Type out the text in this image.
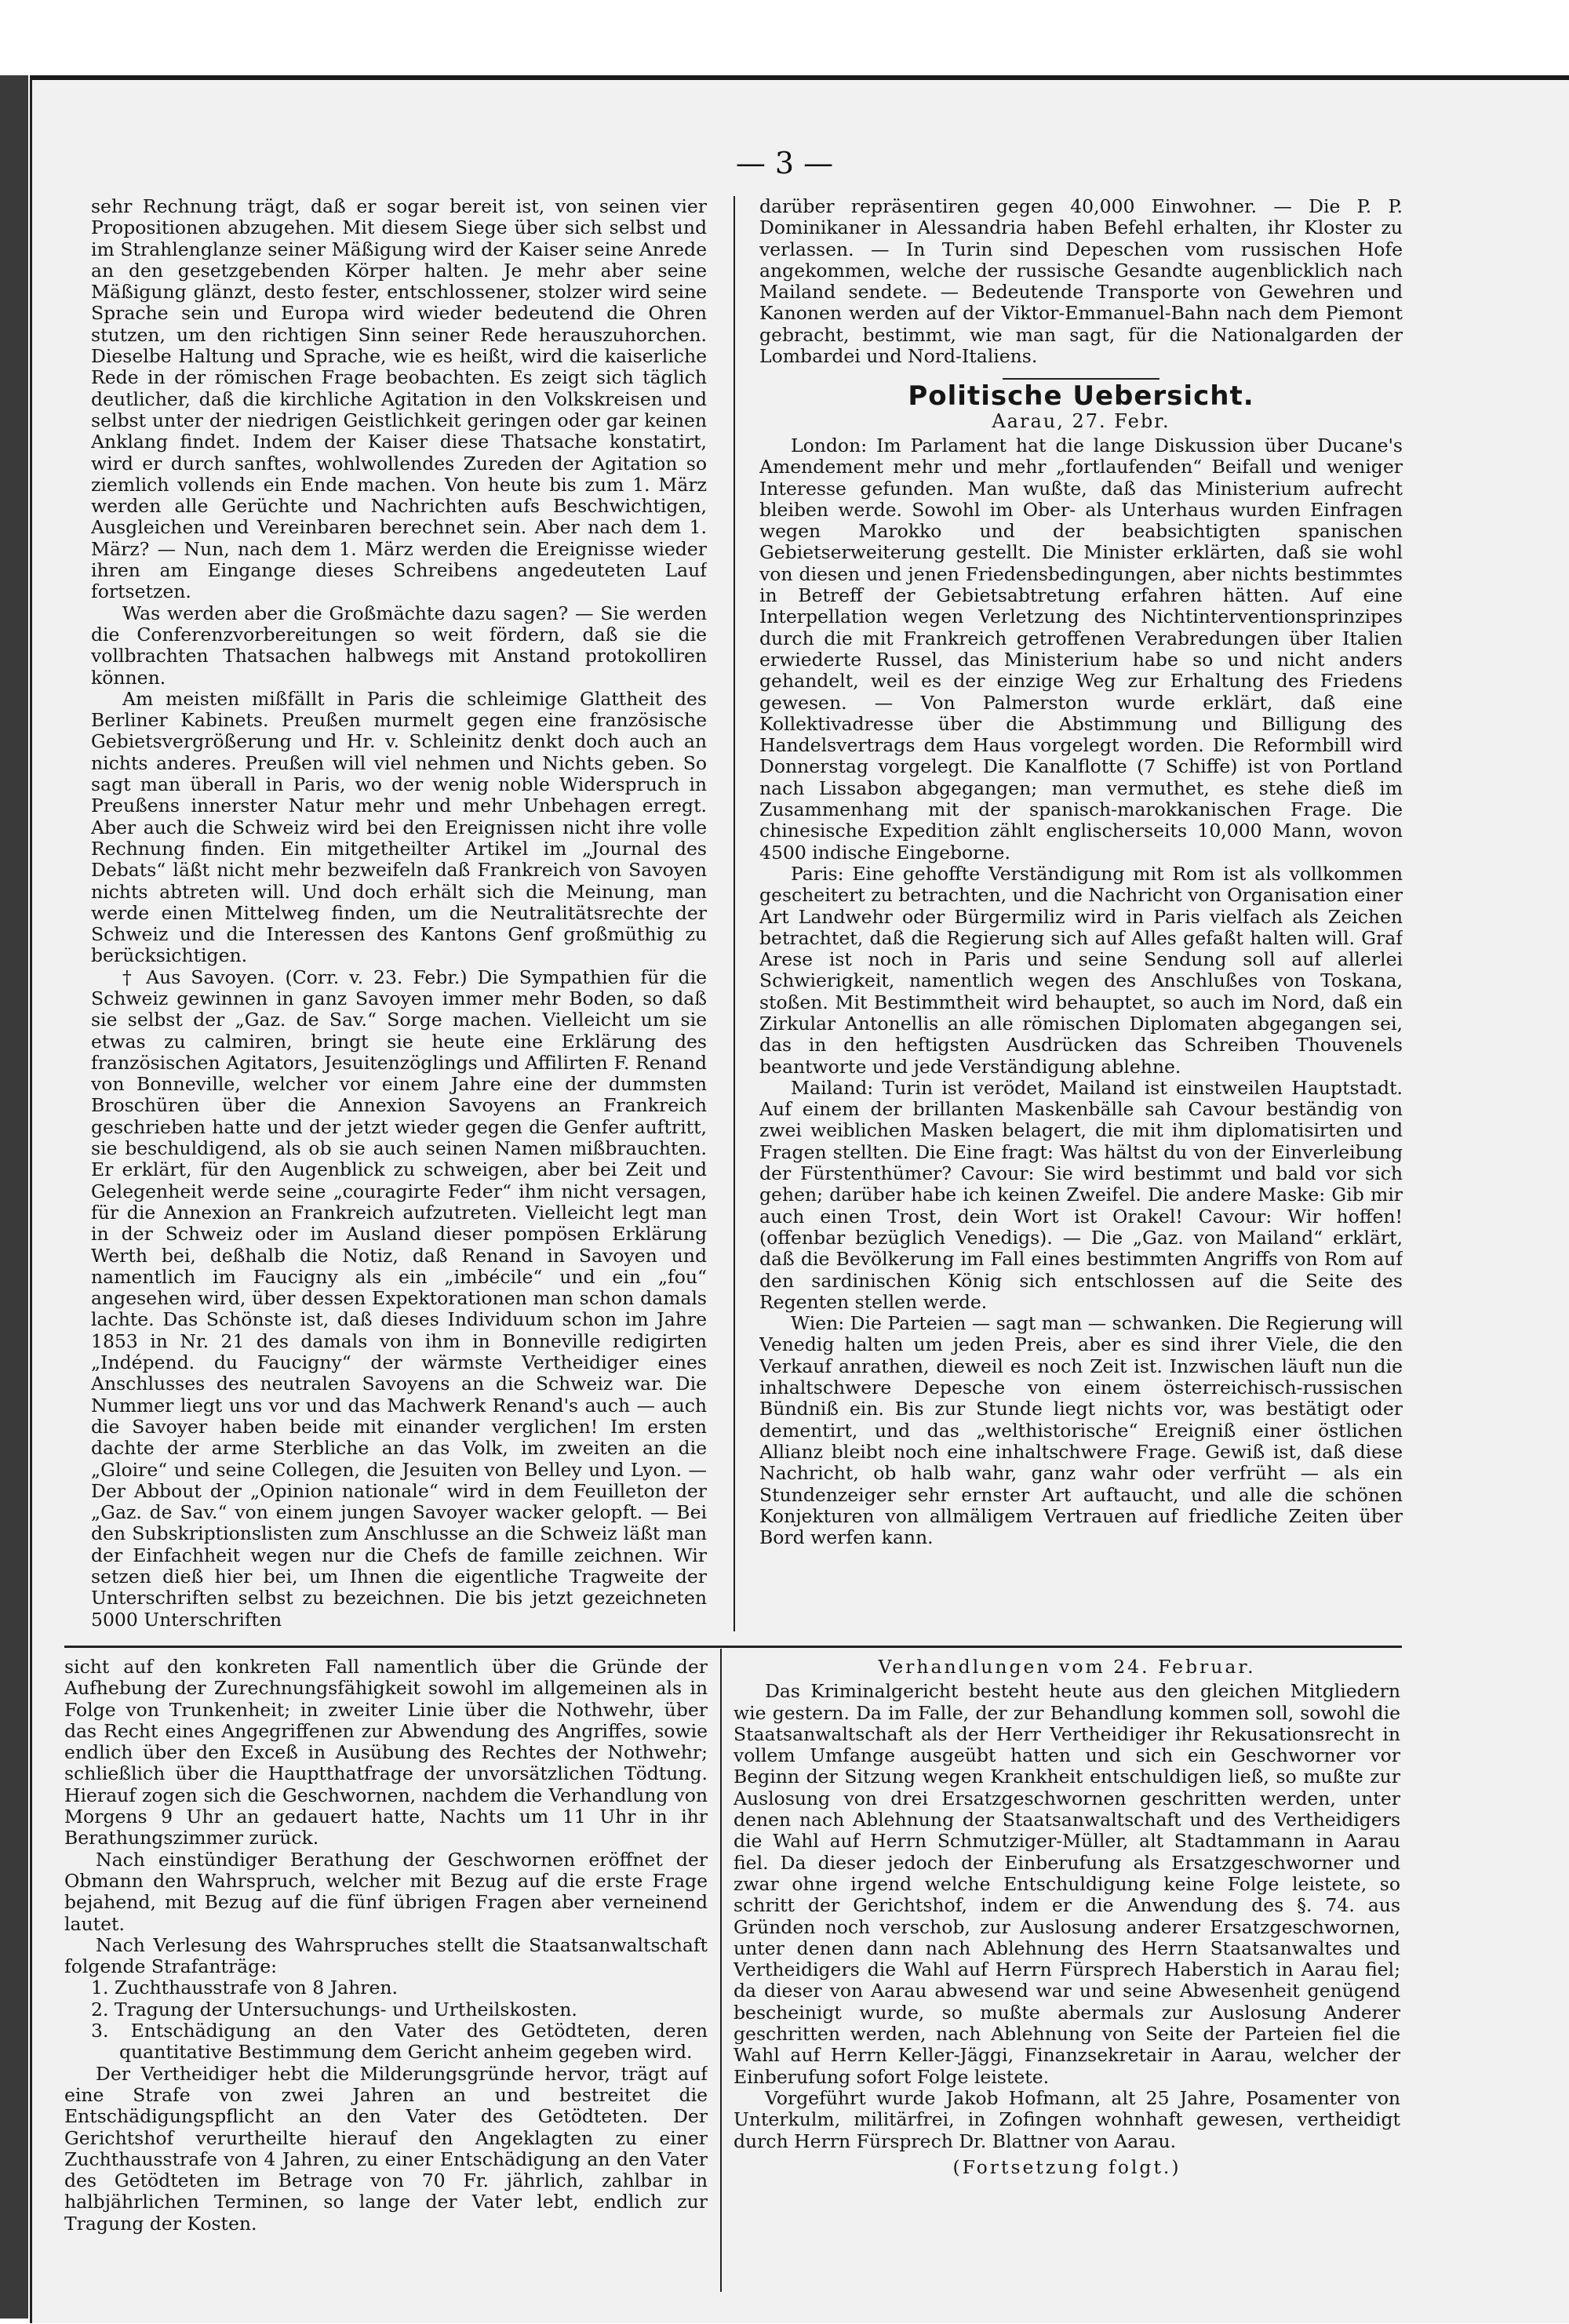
— 3 —

sehr Rechnung trägt, daß er sogar bereit ist, von seinen vier Propositionen abzugehen. Mit diesem Siege über sich selbst und im Strahlenglanze seiner Mäßigung wird der Kaiser seine Anrede an den gesetzgebenden Körper halten. Je mehr aber seine Mäßigung glänzt, desto fester, entschlossener, stolzer wird seine Sprache sein und Europa wird wieder bedeutend die Ohren stutzen, um den richtigen Sinn seiner Rede herauszuhorchen. Dieselbe Haltung und Sprache, wie es heißt, wird die kaiserliche Rede in der römischen Frage beobachten. Es zeigt sich täglich deutlicher, daß die kirchliche Agitation in den Volkskreisen und selbst unter der niedrigen Geistlichkeit geringen oder gar keinen Anklang findet. Indem der Kaiser diese Thatsache konstatirt, wird er durch sanftes, wohlwollendes Zureden der Agitation so ziemlich vollends ein Ende machen. Von heute bis zum 1. März werden alle Gerüchte und Nachrichten aufs Beschwichtigen, Ausgleichen und Vereinbaren berechnet sein. Aber nach dem 1. März? — Nun, nach dem 1. März werden die Ereignisse wieder ihren am Eingange dieses Schreibens angedeuteten Lauf fortsetzen.

Was werden aber die Großmächte dazu sagen? — Sie werden die Conferenzvorbereitungen so weit fördern, daß sie die vollbrachten Thatsachen halbwegs mit Anstand protokolliren können.

Am meisten mißfällt in Paris die schleimige Glattheit des Berliner Kabinets. Preußen murmelt gegen eine französische Gebietsvergrößerung und Hr. v. Schleinitz denkt doch auch an nichts anderes. Preußen will viel nehmen und Nichts geben. So sagt man überall in Paris, wo der wenig noble Widerspruch in Preußens innerster Natur mehr und mehr Unbehagen erregt. Aber auch die Schweiz wird bei den Ereignissen nicht ihre volle Rechnung finden. Ein mitgetheilter Artikel im „Journal des Debats“ läßt nicht mehr bezweifeln daß Frankreich von Savoyen nichts abtreten will. Und doch erhält sich die Meinung, man werde einen Mittelweg finden, um die Neutralitätsrechte der Schweiz und die Interessen des Kantons Genf großmüthig zu berücksichtigen.

† Aus Savoyen. (Corr. v. 23. Febr.) Die Sympathien für die Schweiz gewinnen in ganz Savoyen immer mehr Boden, so daß sie selbst der „Gaz. de Sav.“ Sorge machen. Vielleicht um sie etwas zu calmiren, bringt sie heute eine Erklärung des französischen Agitators, Jesuitenzöglings und Affilirten F. Renand von Bonneville, welcher vor einem Jahre eine der dummsten Broschüren über die Annexion Savoyens an Frankreich geschrieben hatte und der jetzt wieder gegen die Genfer auftritt, sie beschuldigend, als ob sie auch seinen Namen mißbrauchten. Er erklärt, für den Augenblick zu schweigen, aber bei Zeit und Gelegenheit werde seine „couragirte Feder“ ihm nicht versagen, für die Annexion an Frankreich aufzutreten. Vielleicht legt man in der Schweiz oder im Ausland dieser pompösen Erklärung Werth bei, deßhalb die Notiz, daß Renand in Savoyen und namentlich im Faucigny als ein „imbécile“ und ein „fou“ angesehen wird, über dessen Expektorationen man schon damals lachte. Das Schönste ist, daß dieses Individuum schon im Jahre 1853 in Nr. 21 des damals von ihm in Bonneville redigirten „Indépend. du Faucigny“ der wärmste Vertheidiger eines Anschlusses des neutralen Savoyens an die Schweiz war. Die Nummer liegt uns vor und das Machwerk Renand's auch — auch die Savoyer haben beide mit einander verglichen! Im ersten dachte der arme Sterbliche an das Volk, im zweiten an die „Gloire“ und seine Collegen, die Jesuiten von Belley und Lyon. — Der Abbout der „Opinion nationale“ wird in dem Feuilleton der „Gaz. de Sav.“ von einem jungen Savoyer wacker gelopft. — Bei den Subskriptionslisten zum Anschlusse an die Schweiz läßt man der Einfachheit wegen nur die Chefs de famille zeichnen. Wir setzen dieß hier bei, um Ihnen die eigentliche Tragweite der Unterschriften selbst zu bezeichnen. Die bis jetzt gezeichneten 5000 Unterschriften

darüber repräsentiren gegen 40,000 Einwohner. — Die P. P. Dominikaner in Alessandria haben Befehl erhalten, ihr Kloster zu verlassen. — In Turin sind Depeschen vom russischen Hofe angekommen, welche der russische Gesandte augenblicklich nach Mailand sendete. — Bedeutende Transporte von Gewehren und Kanonen werden auf der Viktor-Emmanuel-Bahn nach dem Piemont gebracht, bestimmt, wie man sagt, für die Nationalgarden der Lombardei und Nord-Italiens.

Politische Uebersicht.
Aarau, 27. Febr.

London: Im Parlament hat die lange Diskussion über Ducane's Amendement mehr und mehr „fortlaufenden“ Beifall und weniger Interesse gefunden. Man wußte, daß das Ministerium aufrecht bleiben werde. Sowohl im Ober- als Unterhaus wurden Einfragen wegen Marokko und der beabsichtigten spanischen Gebietserweiterung gestellt. Die Minister erklärten, daß sie wohl von diesen und jenen Friedensbedingungen, aber nichts bestimmtes in Betreff der Gebietsabtretung erfahren hätten. Auf eine Interpellation wegen Verletzung des Nichtinterventionsprinzipes durch die mit Frankreich getroffenen Verabredungen über Italien erwiederte Russel, das Ministerium habe so und nicht anders gehandelt, weil es der einzige Weg zur Erhaltung des Friedens gewesen. — Von Palmerston wurde erklärt, daß eine Kollektivadresse über die Abstimmung und Billigung des Handelsvertrags dem Haus vorgelegt worden. Die Reformbill wird Donnerstag vorgelegt. Die Kanalflotte (7 Schiffe) ist von Portland nach Lissabon abgegangen; man vermuthet, es stehe dieß im Zusammenhang mit der spanisch-marokkanischen Frage. Die chinesische Expedition zählt englischerseits 10,000 Mann, wovon 4500 indische Eingeborne.

Paris: Eine gehoffte Verständigung mit Rom ist als vollkommen gescheitert zu betrachten, und die Nachricht von Organisation einer Art Landwehr oder Bürgermiliz wird in Paris vielfach als Zeichen betrachtet, daß die Regierung sich auf Alles gefaßt halten will. Graf Arese ist noch in Paris und seine Sendung soll auf allerlei Schwierigkeit, namentlich wegen des Anschlußes von Toskana, stoßen. Mit Bestimmtheit wird behauptet, so auch im Nord, daß ein Zirkular Antonellis an alle römischen Diplomaten abgegangen sei, das in den heftigsten Ausdrücken das Schreiben Thouvenels beantworte und jede Verständigung ablehne.

Mailand: Turin ist verödet, Mailand ist einstweilen Hauptstadt. Auf einem der brillanten Maskenbälle sah Cavour beständig von zwei weiblichen Masken belagert, die mit ihm diplomatisirten und Fragen stellten. Die Eine fragt: Was hältst du von der Einverleibung der Fürstenthümer? Cavour: Sie wird bestimmt und bald vor sich gehen; darüber habe ich keinen Zweifel. Die andere Maske: Gib mir auch einen Trost, dein Wort ist Orakel! Cavour: Wir hoffen! (offenbar bezüglich Venedigs). — Die „Gaz. von Mailand“ erklärt, daß die Bevölkerung im Fall eines bestimmten Angriffs von Rom auf den sardinischen König sich entschlossen auf die Seite des Regenten stellen werde.

Wien: Die Parteien — sagt man — schwanken. Die Regierung will Venedig halten um jeden Preis, aber es sind ihrer Viele, die den Verkauf anrathen, dieweil es noch Zeit ist. Inzwischen läuft nun die inhaltschwere Depesche von einem österreichisch-russischen Bündniß ein. Bis zur Stunde liegt nichts vor, was bestätigt oder dementirt, und das „welthistorische“ Ereigniß einer östlichen Allianz bleibt noch eine inhaltschwere Frage. Gewiß ist, daß diese Nachricht, ob halb wahr, ganz wahr oder verfrüht — als ein Stundenzeiger sehr ernster Art auftaucht, und alle die schönen Konjekturen von allmäligem Vertrauen auf friedliche Zeiten über Bord werfen kann.

sicht auf den konkreten Fall namentlich über die Gründe der Aufhebung der Zurechnungsfähigkeit sowohl im allgemeinen als in Folge von Trunkenheit; in zweiter Linie über die Nothwehr, über das Recht eines Angegriffenen zur Abwendung des Angriffes, sowie endlich über den Exceß in Ausübung des Rechtes der Nothwehr; schließlich über die Hauptthatfrage der unvorsätzlichen Tödtung. Hierauf zogen sich die Geschwornen, nachdem die Verhandlung von Morgens 9 Uhr an gedauert hatte, Nachts um 11 Uhr in ihr Berathungszimmer zurück.

Nach einstündiger Berathung der Geschwornen eröffnet der Obmann den Wahrspruch, welcher mit Bezug auf die erste Frage bejahend, mit Bezug auf die fünf übrigen Fragen aber verneinend lautet.

Nach Verlesung des Wahrspruches stellt die Staatsanwaltschaft folgende Strafanträge:

1. Zuchthausstrafe von 8 Jahren.
2. Tragung der Untersuchungs- und Urtheilskosten.
3. Entschädigung an den Vater des Getödteten, deren quantitative Bestimmung dem Gericht anheim gegeben wird.

Der Vertheidiger hebt die Milderungsgründe hervor, trägt auf eine Strafe von zwei Jahren an und bestreitet die Entschädigungspflicht an den Vater des Getödteten. Der Gerichtshof verurtheilte hierauf den Angeklagten zu einer Zuchthausstrafe von 4 Jahren, zu einer Entschädigung an den Vater des Getödteten im Betrage von 70 Fr. jährlich, zahlbar in halbjährlichen Terminen, so lange der Vater lebt, endlich zur Tragung der Kosten.

Verhandlungen vom 24. Februar.

Das Kriminalgericht besteht heute aus den gleichen Mitgliedern wie gestern. Da im Falle, der zur Behandlung kommen soll, sowohl die Staatsanwaltschaft als der Herr Vertheidiger ihr Rekusationsrecht in vollem Umfange ausgeübt hatten und sich ein Geschworner vor Beginn der Sitzung wegen Krankheit entschuldigen ließ, so mußte zur Auslosung von drei Ersatzgeschwornen geschritten werden, unter denen nach Ablehnung der Staatsanwaltschaft und des Vertheidigers die Wahl auf Herrn Schmutziger-Müller, alt Stadtammann in Aarau fiel. Da dieser jedoch der Einberufung als Ersatzgeschworner und zwar ohne irgend welche Entschuldigung keine Folge leistete, so schritt der Gerichtshof, indem er die Anwendung des §. 74. aus Gründen noch verschob, zur Auslosung anderer Ersatzgeschwornen, unter denen dann nach Ablehnung des Herrn Staatsanwaltes und Vertheidigers die Wahl auf Herrn Fürsprech Haberstich in Aarau fiel; da dieser von Aarau abwesend war und seine Abwesenheit genügend bescheinigt wurde, so mußte abermals zur Auslosung Anderer geschritten werden, nach Ablehnung von Seite der Parteien fiel die Wahl auf Herrn Keller-Jäggi, Finanzsekretair in Aarau, welcher der Einberufung sofort Folge leistete.

Vorgeführt wurde Jakob Hofmann, alt 25 Jahre, Posamenter von Unterkulm, militärfrei, in Zofingen wohnhaft gewesen, vertheidigt durch Herrn Fürsprech Dr. Blattner von Aarau.

(Fortsetzung folgt.)
